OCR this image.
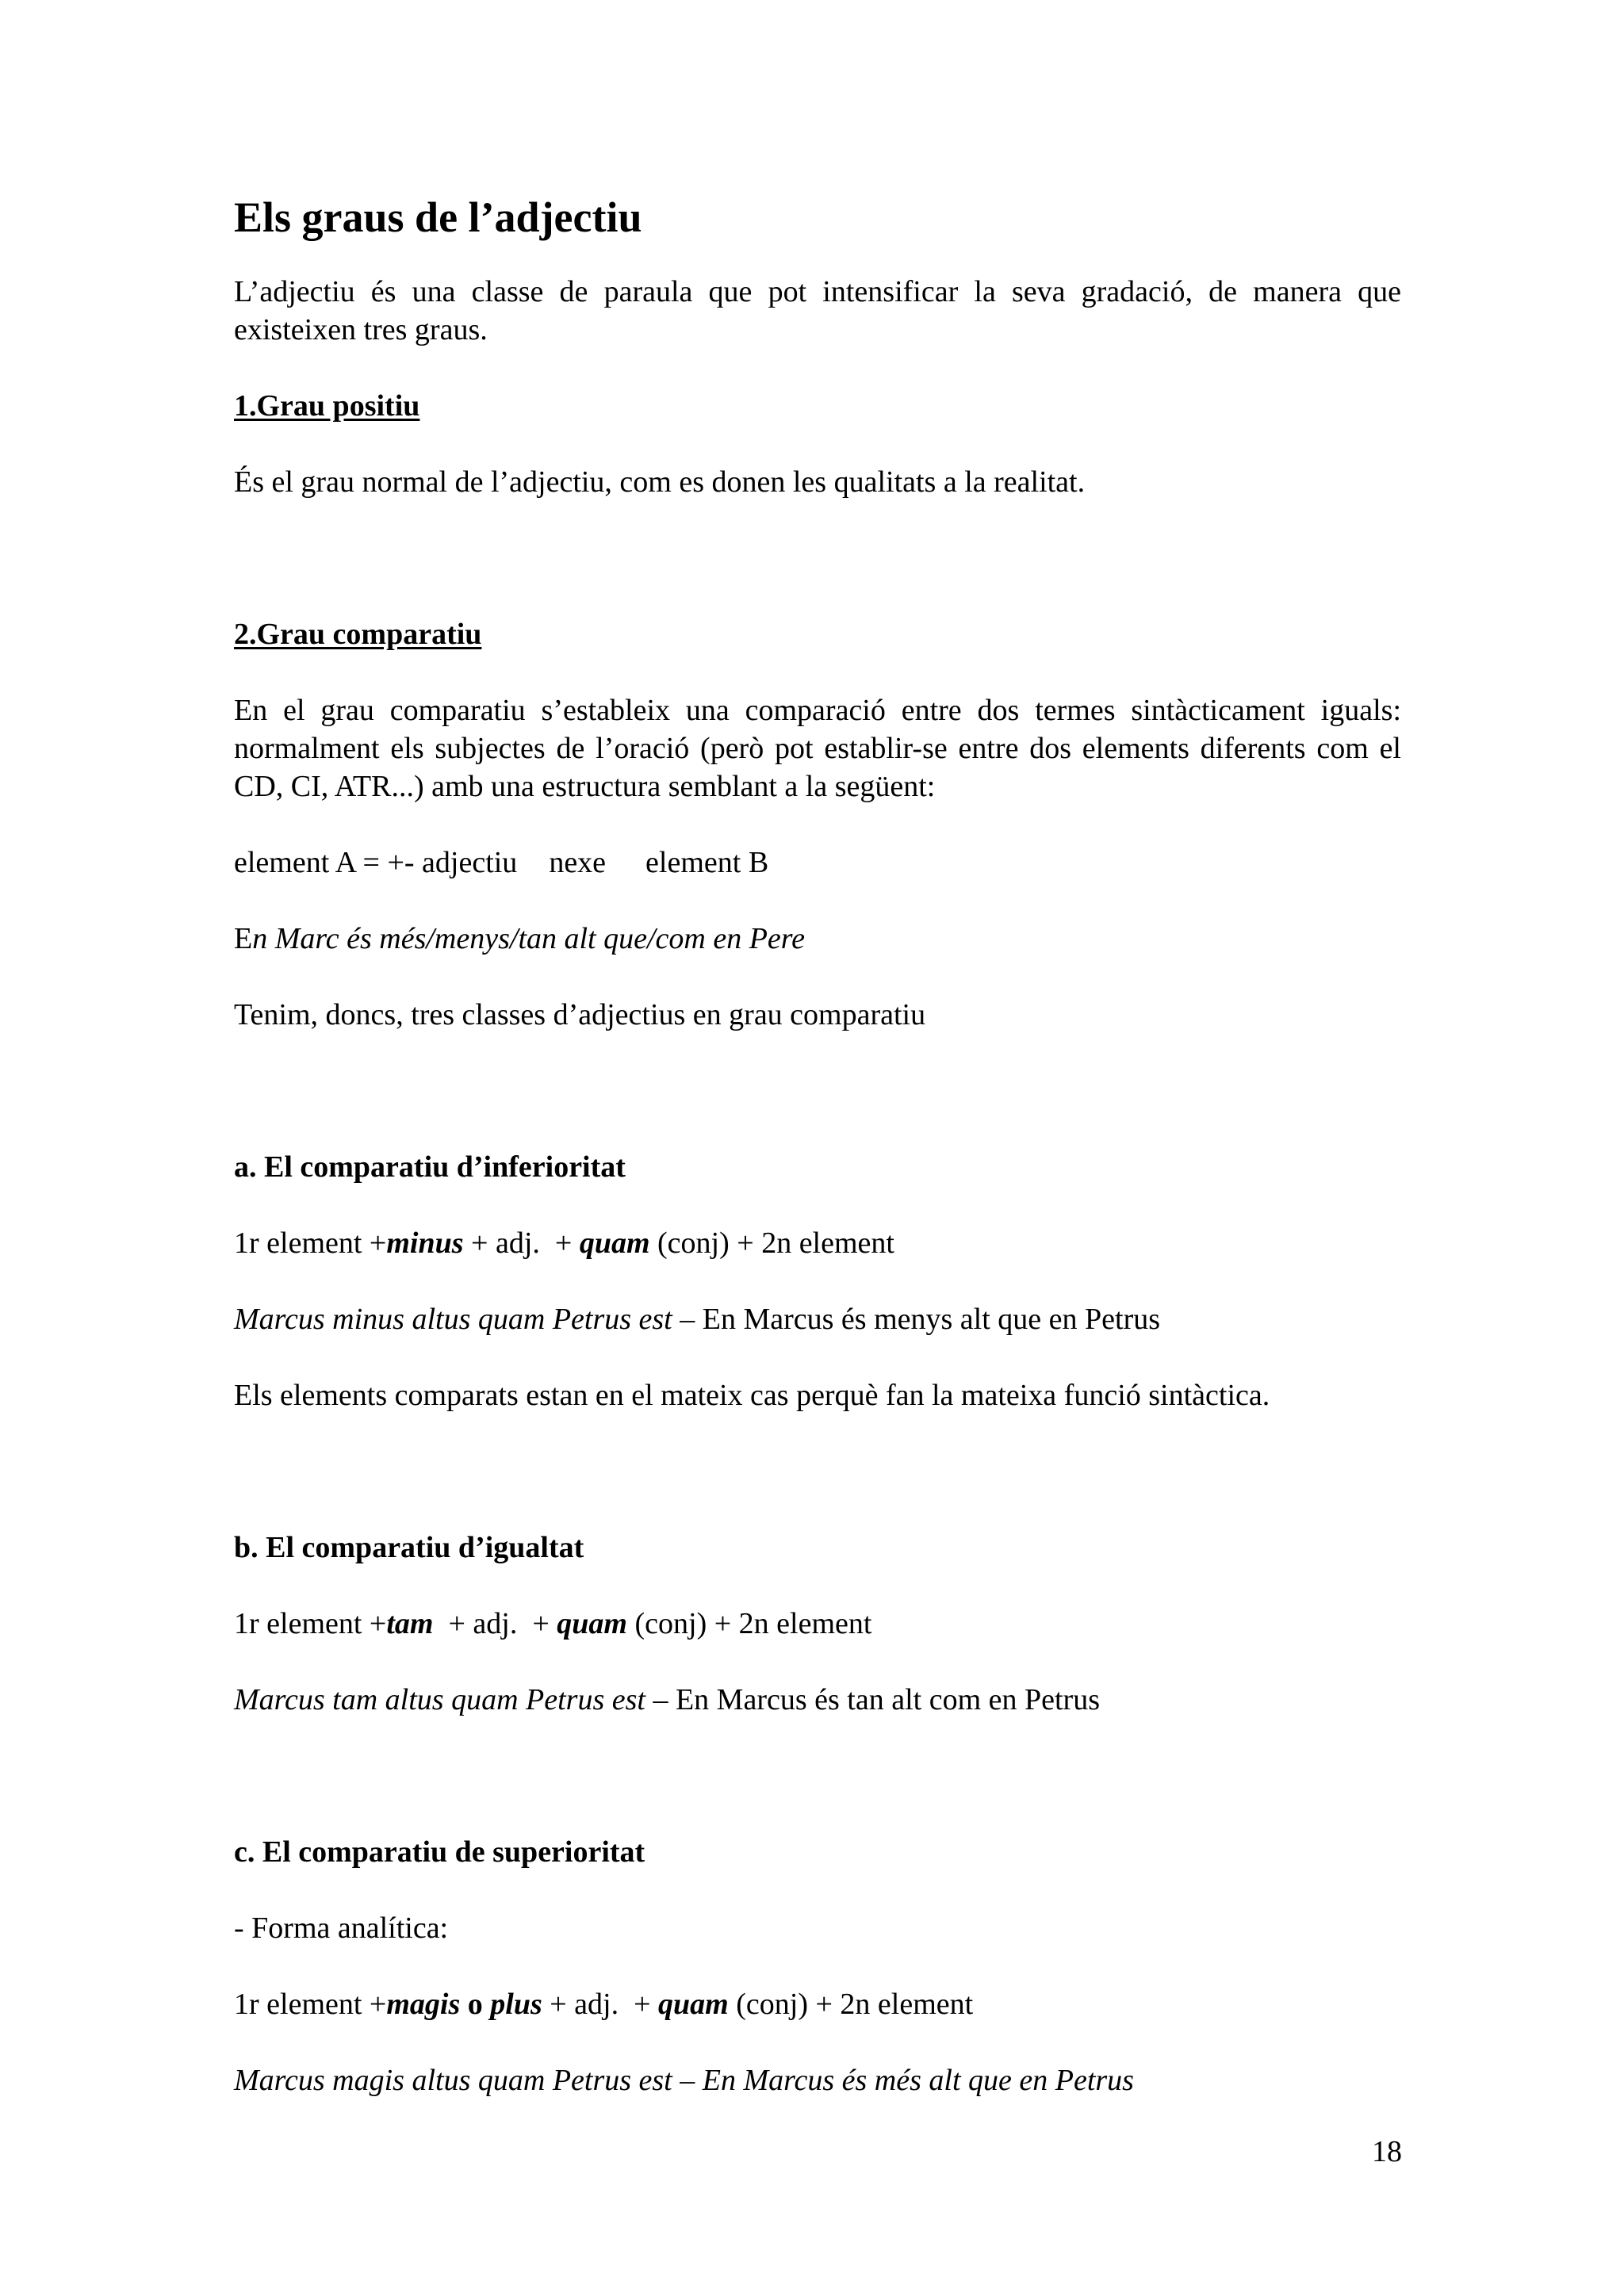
Els graus de l’adjectiu

L’adjectiu és una classe de paraula que pot intensificar la seva gradació, de manera que existeixen tres graus.

1.Grau positiu

És el grau normal de l’adjectiu, com es donen les qualitats a la realitat.

2.Grau comparatiu

En el grau comparatiu s’estableix una comparació entre dos termes sintàcticament iguals: normalment els subjectes de l’oració (però pot establir-se entre dos elements diferents com el CD, CI, ATR...) amb una estructura semblant a la següent:

element A = +- adjectiu nexe element B

En Marc és més/menys/tan alt que/com en Pere

Tenim, doncs, tres classes d’adjectius en grau comparatiu

a. El comparatiu d’inferioritat

1r element +minus + adj.  + quam (conj) + 2n element

Marcus minus altus quam Petrus est – En Marcus és menys alt que en Petrus

Els elements comparats estan en el mateix cas perquè fan la mateixa funció sintàctica.

b. El comparatiu d’igualtat

1r element +tam  + adj.  + quam (conj) + 2n element

Marcus tam altus quam Petrus est – En Marcus és tan alt com en Petrus

c. El comparatiu de superioritat

- Forma analítica:

1r element +magis o plus + adj.  + quam (conj) + 2n element

Marcus magis altus quam Petrus est – En Marcus és més alt que en Petrus

18
